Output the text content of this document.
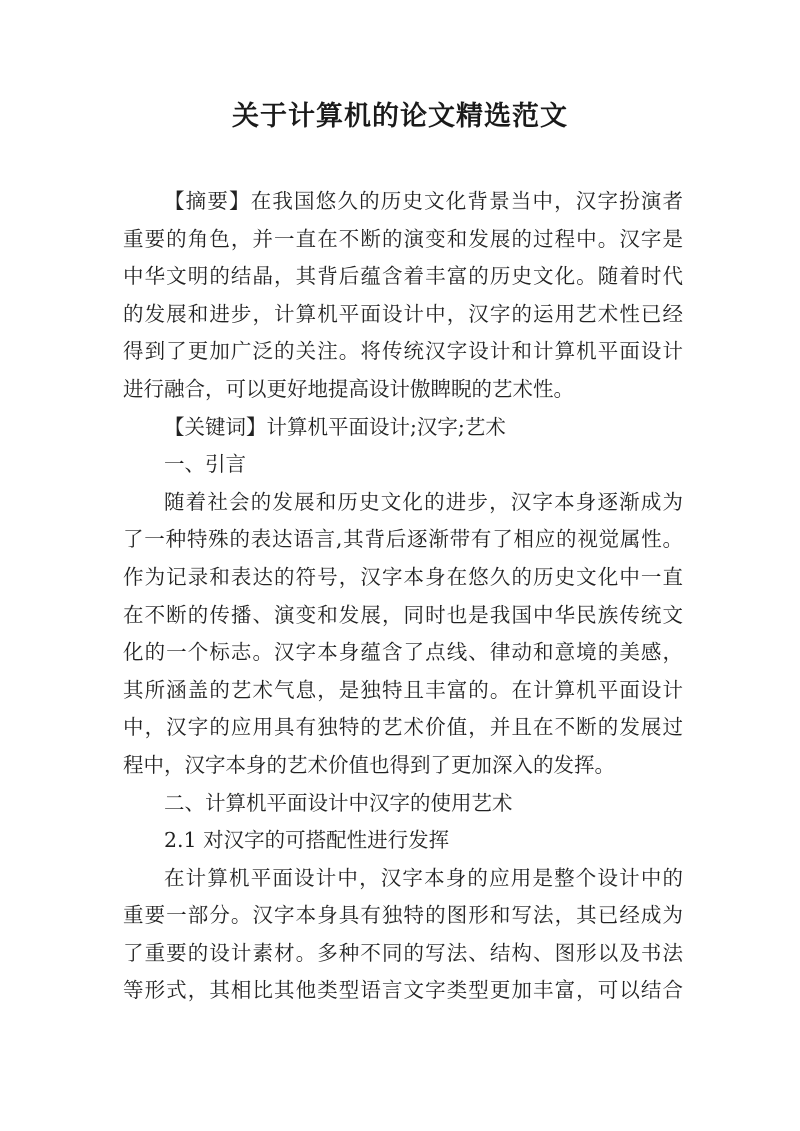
关于计算机的论文精选范文
【摘要】在我国悠久的历史文化背景当中，汉字扮演者
重要的角色，并一直在不断的演变和发展的过程中。汉字是
中华文明的结晶，其背后蕴含着丰富的历史文化。随着时代
的发展和进步，计算机平面设计中，汉字的运用艺术性已经
得到了更加广泛的关注。将传统汉字设计和计算机平面设计
进行融合，可以更好地提高设计傲睥睨的艺术性。
【关键词】计算机平面设计;汉字;艺术
一、引言
随着社会的发展和历史文化的进步，汉字本身逐渐成为
了一种特殊的表达语言,其背后逐渐带有了相应的视觉属性。
作为记录和表达的符号，汉字本身在悠久的历史文化中一直
在不断的传播、演变和发展，同时也是我国中华民族传统文
化的一个标志。汉字本身蕴含了点线、律动和意境的美感，
其所涵盖的艺术气息，是独特且丰富的。在计算机平面设计
中，汉字的应用具有独特的艺术价值，并且在不断的发展过
程中，汉字本身的艺术价值也得到了更加深入的发挥。
二、计算机平面设计中汉字的使用艺术
2.1 对汉字的可搭配性进行发挥
在计算机平面设计中，汉字本身的应用是整个设计中的
重要一部分。汉字本身具有独特的图形和写法，其已经成为
了重要的设计素材。多种不同的写法、结构、图形以及书法
等形式，其相比其他类型语言文字类型更加丰富，可以结合
